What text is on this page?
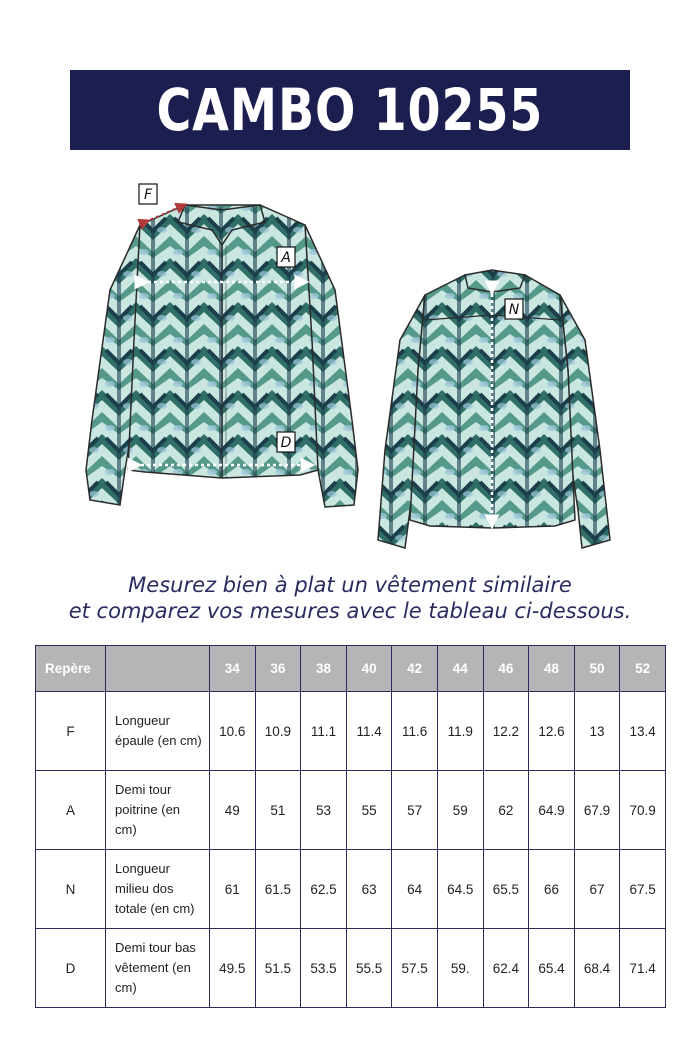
CAMBO 10255
F
A
D
N
Mesurez bien à plat un vêtement similaire
et comparez vos mesures avec le tableau ci-dessous.
Repère		34	36	38	40	42	44	46	48	50	52
F	Longueur épaule (en cm)	10.6	10.9	11.1	11.4	11.6	11.9	12.2	12.6	13	13.4
A	Demi tour poitrine (en cm)	49	51	53	55	57	59	62	64.9	67.9	70.9
N	Longueur milieu dos totale (en cm)	61	61.5	62.5	63	64	64.5	65.5	66	67	67.5
D	Demi tour bas vêtement (en cm)	49.5	51.5	53.5	55.5	57.5	59.	62.4	65.4	68.4	71.4
